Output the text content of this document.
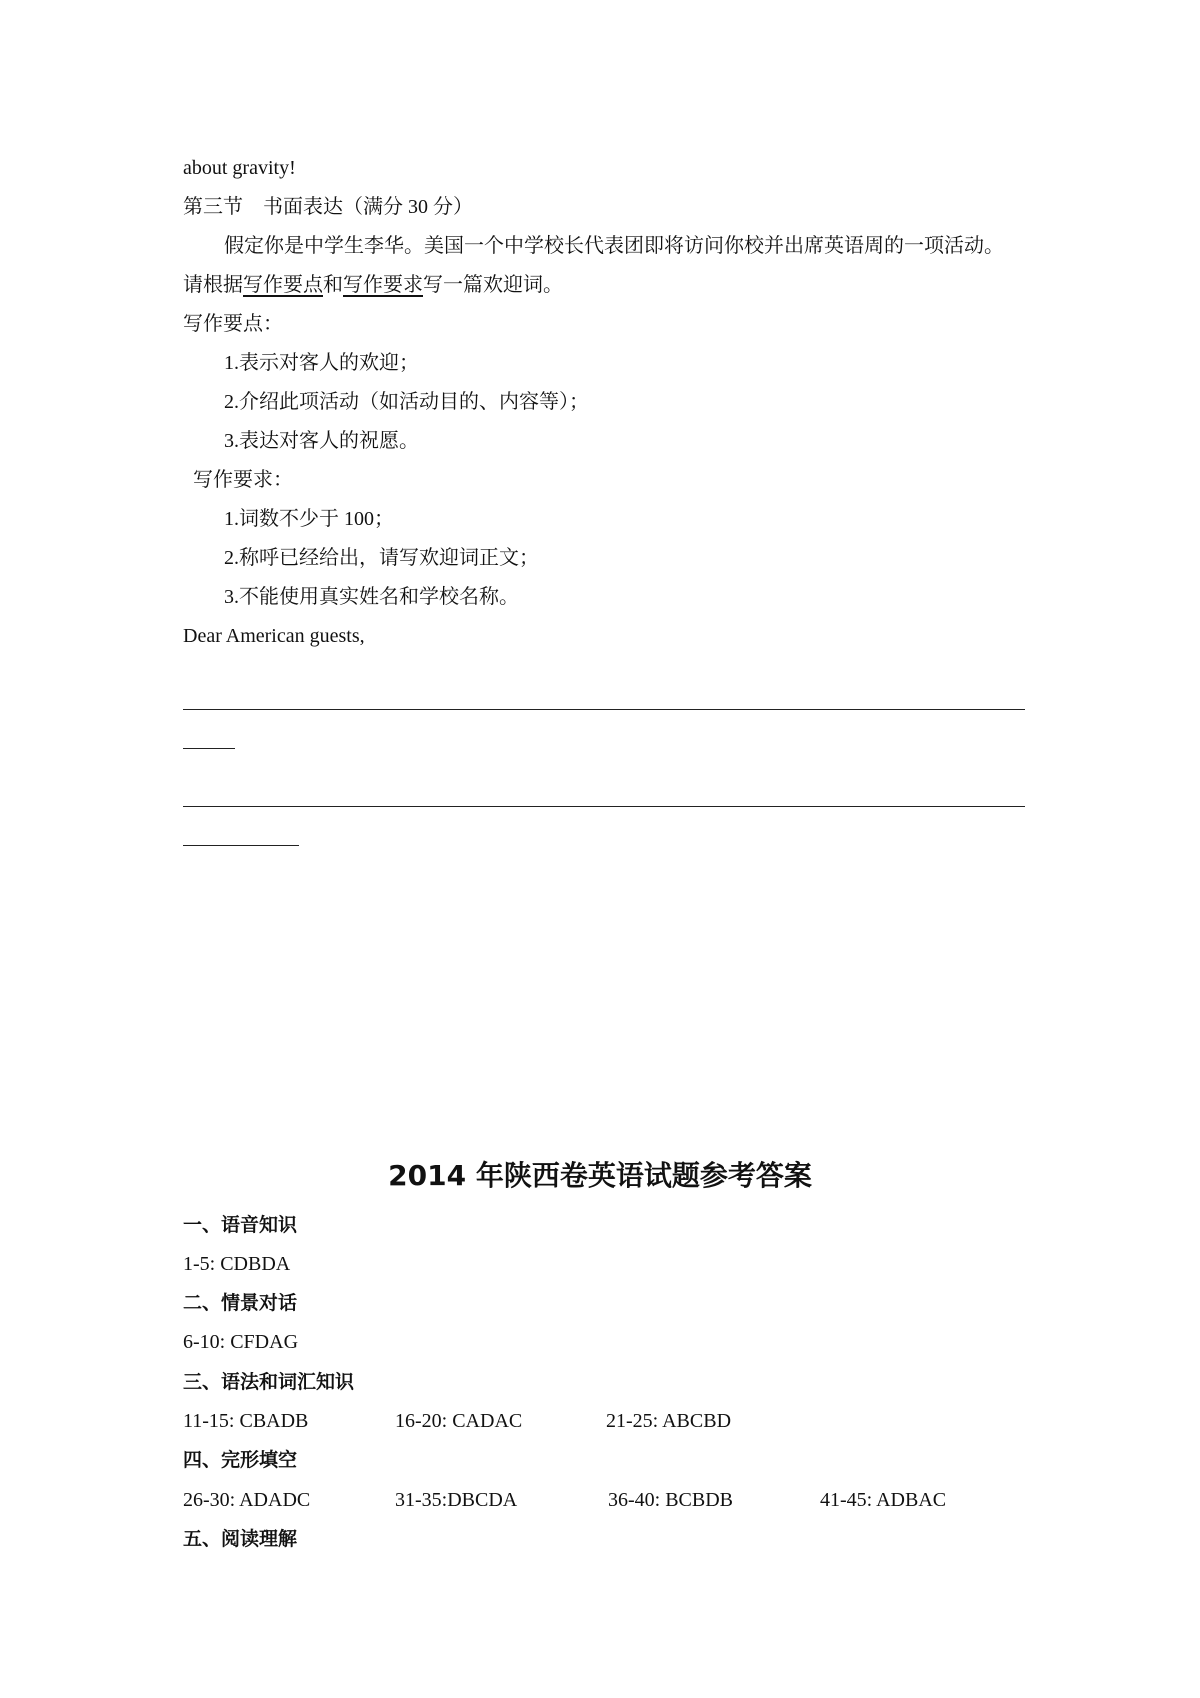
about gravity!
第三节    书面表达（满分 30 分）
假定你是中学生李华。美国一个中学校长代表团即将访问你校并出席英语周的一项活动。
请根据写作要点和写作要求写一篇欢迎词。
写作要点：
1.表示对客人的欢迎；
2.介绍此项活动（如活动目的、内容等）；
3.表达对客人的祝愿。
写作要求：
1.词数不少于 100；
2.称呼已经给出，请写欢迎词正文；
3.不能使用真实姓名和学校名称。
Dear American guests,
2014 年陕西卷英语试题参考答案
一、语音知识
1-5: CDBDA
二、情景对话
6-10: CFDAG
三、语法和词汇知识
11-15: CBADB	16-20: CADAC	21-25: ABCBD
四、完形填空
26-30: ADADC	31-35:DBCDA	36-40: BCBDB	41-45: ADBAC
五、阅读理解
